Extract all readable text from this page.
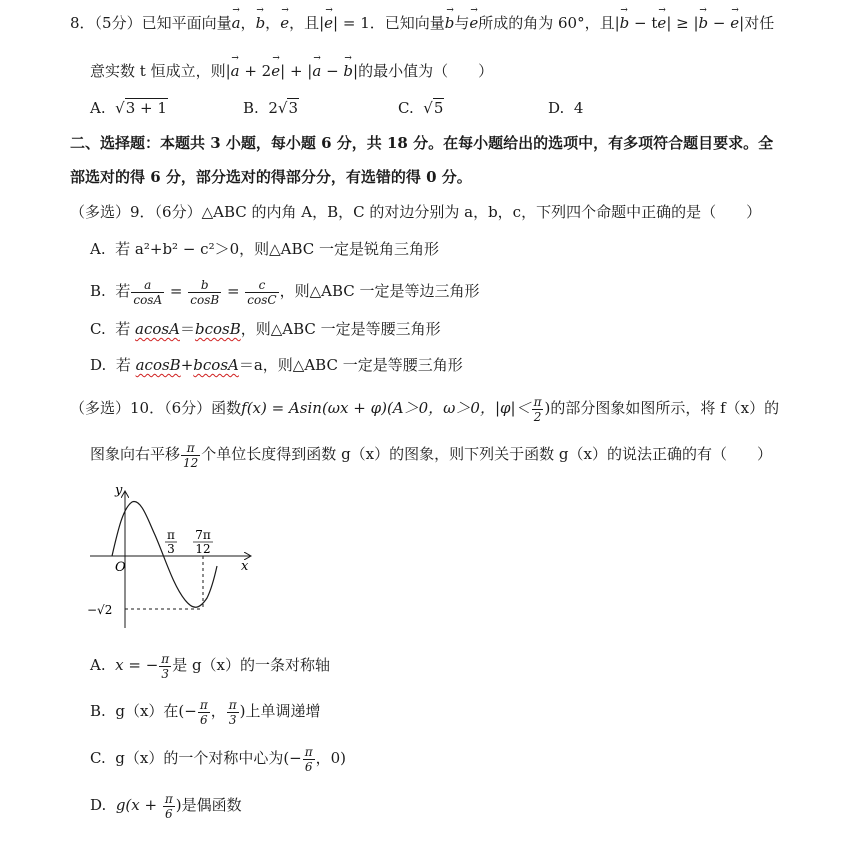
8．（5分）已知平面向量→ a，→ b，→ e，且|→ e| = 1．已知向量→ b与→ e所成的角为 60°，且|→ b − t→ e| ≥ |→ b − → e|对任
意实数 t 恒成立，则|→ a + 2→ e| + |→ a − → b|的最小值为（　　）
A.  √3 + 1	B. 2√3	C.  √5	D. 4
二、选择题：本题共 3 小题，每小题 6 分，共 18 分。在每小题给出的选项中，有多项符合题目要求。全
部选对的得 6 分，部分选对的得部分分，有选错的得 0 分。
（多选）9．（6分）△ABC 的内角 A，B，C 的对边分别为 a，b，c，下列四个命题中正确的是（　　）
A. 若 a²+b² − c²＞0，则△ABC 一定是锐角三角形
B. 若 $\frac{a}{\cos A} = \frac{b}{\cos B} = \frac{c}{\cos C}$ ，则△ABC 一定是等边三角形
C. 若 acosA＝bcosB，则△ABC 一定是等腰三角形
D. 若 acosB+bcosA＝a，则△ABC 一定是等腰三角形
（多选）10．（6分）函数f(x) = Asin(ωx + φ)(A＞0，ω＞0，$|\varphi|< \frac{\pi}{2}$ )的部分图象如图所示，将 f（x）的
图象向右平移 $\frac{\pi}{12}$ 个单位长度得到函数 g（x）的图象，则下列关于函数 g（x）的说法正确的有（　　）
y
x
O
π
3
7π
12
−√2
A. x = − $\frac{\pi}{3}$ 是 g（x）的一条对称轴
B. g（x）在(− $\frac{\pi}{6}$ ， $\frac{\pi}{3}$ )上单调递增
C. g（x）的一个对称中心为(− $\frac{\pi}{6}$ ，0)
D. $g(x + \frac{\pi}{6}$ )是偶函数
